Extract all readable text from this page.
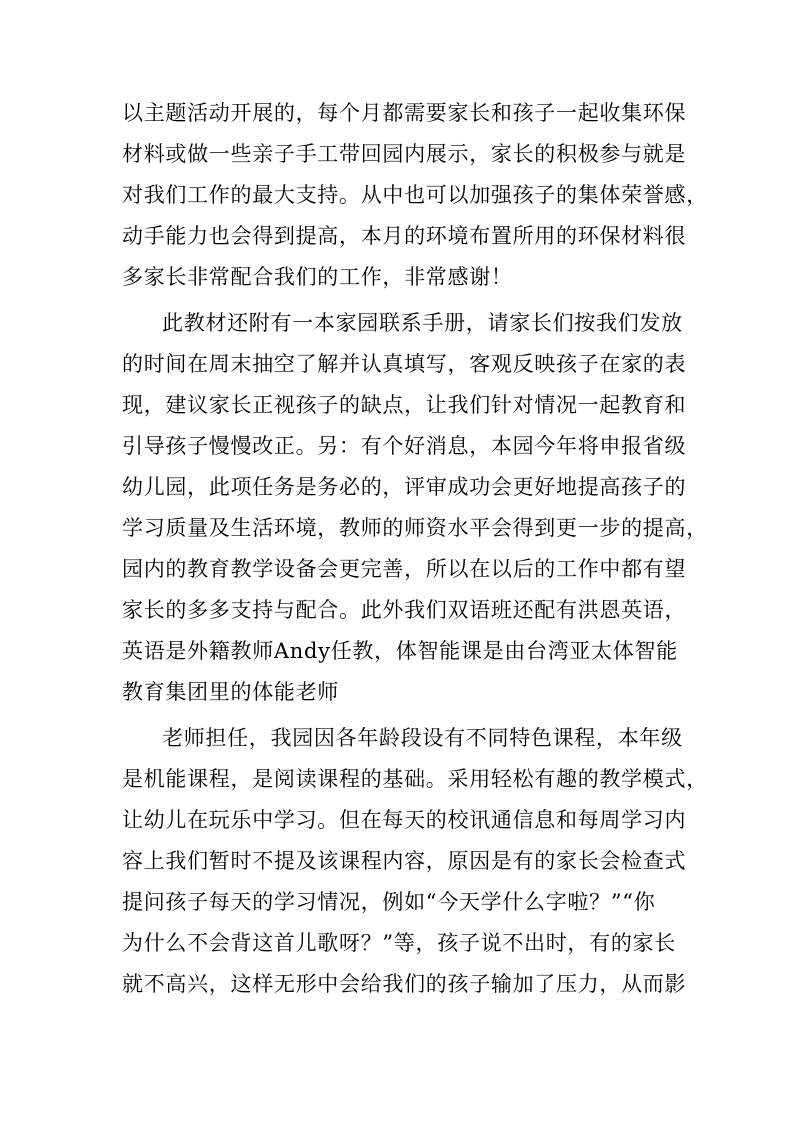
以主题活动开展的，每个月都需要家长和孩子一起收集环保
材料或做一些亲子手工带回园内展示，家长的积极参与就是
对我们工作的最大支持。从中也可以加强孩子的集体荣誉感，
动手能力也会得到提高，本月的环境布置所用的环保材料很
多家长非常配合我们的工作，非常感谢！
此教材还附有一本家园联系手册，请家长们按我们发放
的时间在周末抽空了解并认真填写，客观反映孩子在家的表
现，建议家长正视孩子的缺点，让我们针对情况一起教育和
引导孩子慢慢改正。另：有个好消息，本园今年将申报省级
幼儿园，此项任务是务必的，评审成功会更好地提高孩子的
学习质量及生活环境，教师的师资水平会得到更一步的提高，
园内的教育教学设备会更完善，所以在以后的工作中都有望
家长的多多支持与配合。此外我们双语班还配有洪恩英语，
英语是外籍教师Andy任教，体智能课是由台湾亚太体智能
教育集团里的体能老师
老师担任，我园因各年龄段设有不同特色课程，本年级
是机能课程，是阅读课程的基础。采用轻松有趣的教学模式，
让幼儿在玩乐中学习。但在每天的校讯通信息和每周学习内
容上我们暂时不提及该课程内容，原因是有的家长会检查式
提问孩子每天的学习情况，例如“今天学什么字啦？”“你
为什么不会背这首儿歌呀？”等，孩子说不出时，有的家长
就不高兴，这样无形中会给我们的孩子输加了压力，从而影
